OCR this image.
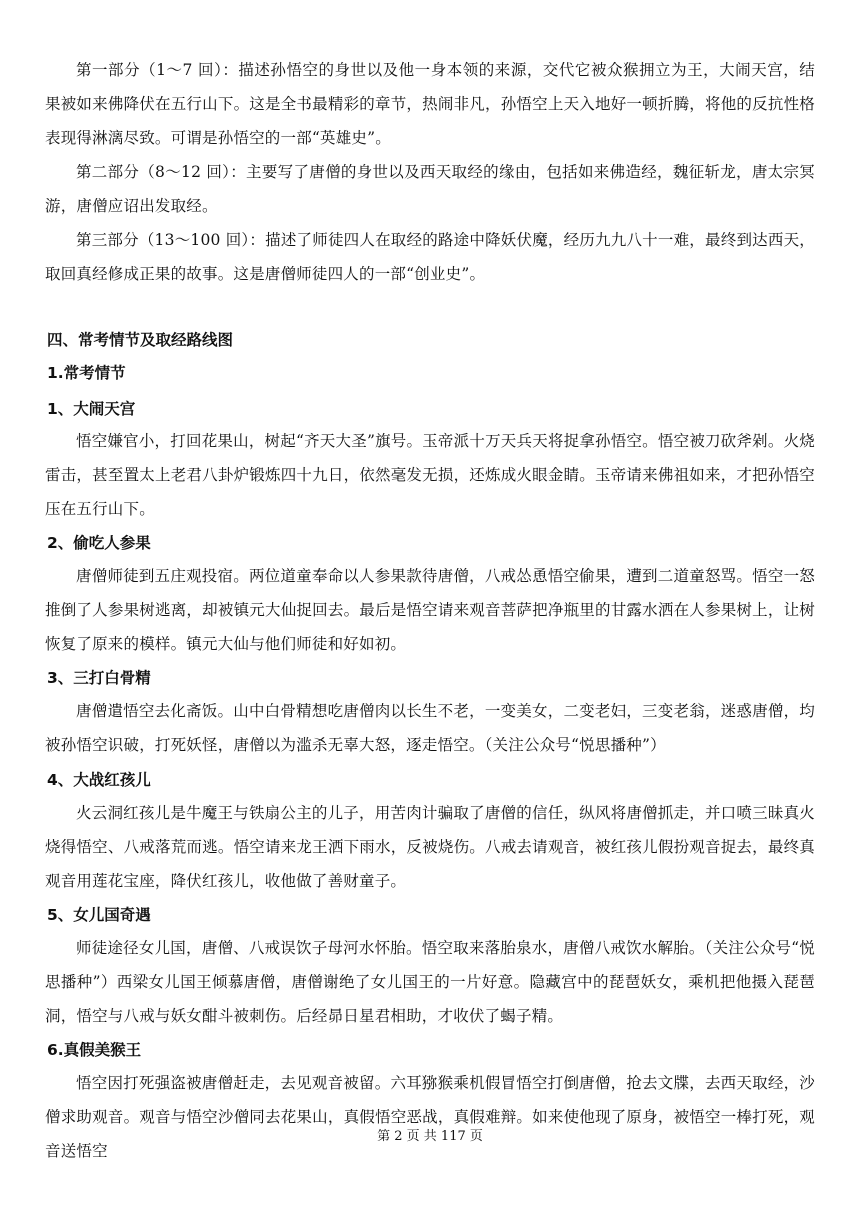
第一部分（1～7 回）：描述孙悟空的身世以及他一身本领的来源，交代它被众猴拥立为王，大闹天宫，结果被如来佛降伏在五行山下。这是全书最精彩的章节，热闹非凡，孙悟空上天入地好一顿折腾，将他的反抗性格表现得淋漓尽致。可谓是孙悟空的一部“英雄史”。

第二部分（8～12 回）：主要写了唐僧的身世以及西天取经的缘由，包括如来佛造经，魏征斩龙，唐太宗冥游，唐僧应诏出发取经。

第三部分（13～100 回）：描述了师徒四人在取经的路途中降妖伏魔，经历九九八十一难，最终到达西天，取回真经修成正果的故事。这是唐僧师徒四人的一部“创业史”。

四、常考情节及取经路线图
1.常考情节
1、大闹天宫

悟空嫌官小，打回花果山，树起“齐天大圣”旗号。玉帝派十万天兵天将捉拿孙悟空。悟空被刀砍斧剁。火烧雷击，甚至置太上老君八卦炉锻炼四十九日，依然毫发无损，还炼成火眼金睛。玉帝请来佛祖如来，才把孙悟空压在五行山下。

2、偷吃人参果

唐僧师徒到五庄观投宿。两位道童奉命以人参果款待唐僧，八戒怂恿悟空偷果，遭到二道童怒骂。悟空一怒推倒了人参果树逃离，却被镇元大仙捉回去。最后是悟空请来观音菩萨把净瓶里的甘露水洒在人参果树上，让树恢复了原来的模样。镇元大仙与他们师徒和好如初。

3、三打白骨精

唐僧遣悟空去化斋饭。山中白骨精想吃唐僧肉以长生不老，一变美女，二变老妇，三变老翁，迷惑唐僧，均被孙悟空识破，打死妖怪，唐僧以为滥杀无辜大怒，逐走悟空。（关注公众号“悦思播种”）

4、大战红孩儿

火云洞红孩儿是牛魔王与铁扇公主的儿子，用苦肉计骗取了唐僧的信任，纵风将唐僧抓走，并口喷三昧真火烧得悟空、八戒落荒而逃。悟空请来龙王洒下雨水，反被烧伤。八戒去请观音，被红孩儿假扮观音捉去，最终真观音用莲花宝座，降伏红孩儿，收他做了善财童子。

5、女儿国奇遇

师徒途径女儿国，唐僧、八戒误饮子母河水怀胎。悟空取来落胎泉水，唐僧八戒饮水解胎。（关注公众号“悦思播种”）西梁女儿国王倾慕唐僧，唐僧谢绝了女儿国王的一片好意。隐藏宫中的琵琶妖女，乘机把他摄入琵琶洞，悟空与八戒与妖女酣斗被刺伤。后经昴日星君相助，才收伏了蝎子精。

6.真假美猴王

悟空因打死强盗被唐僧赶走，去见观音被留。六耳猕猴乘机假冒悟空打倒唐僧，抢去文牒，去西天取经，沙僧求助观音。观音与悟空沙僧同去花果山，真假悟空恶战，真假难辩。如来使他现了原身，被悟空一棒打死，观音送悟空

第 2 页 共 117 页
